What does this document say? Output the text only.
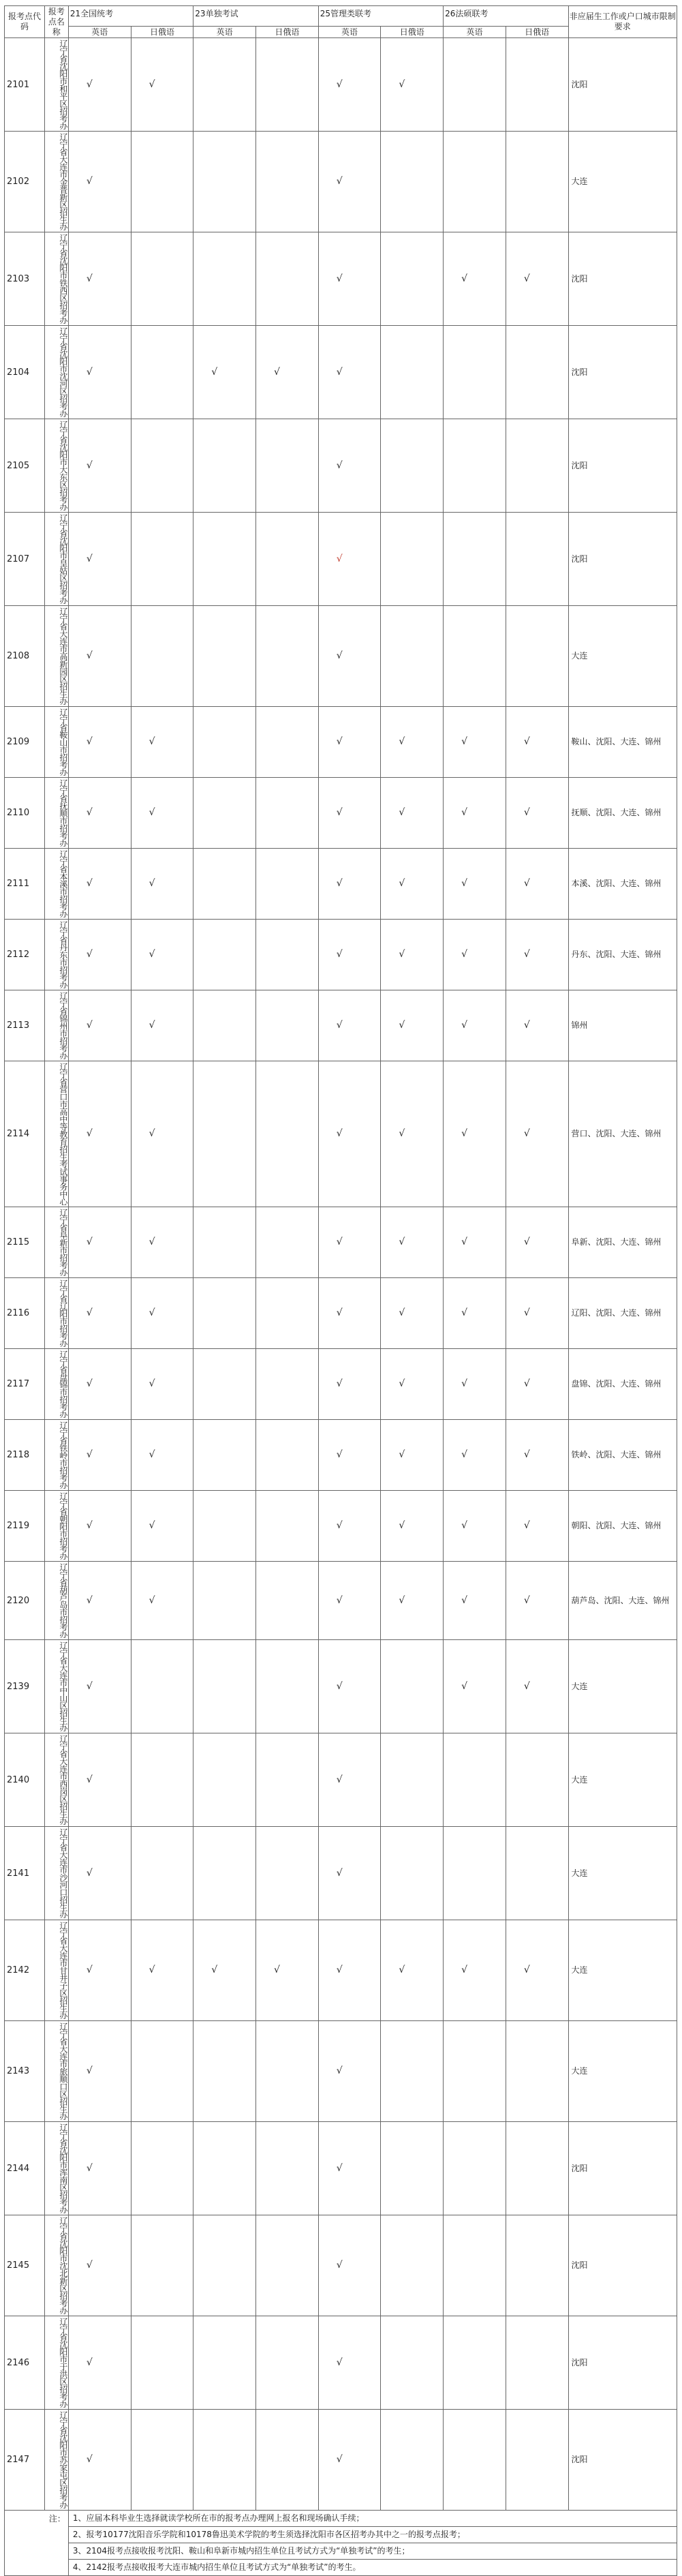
报考点代码	报考点名称	21全国统考		23单独考试		25管理类联考		26法硕联考		非应届生工作或户口城市限制要求
		英语	日俄语	英语	日俄语	英语	日俄语	英语	日俄语	
2101	辽宁省沈阳市和平区招考办	√	√			√	√			沈阳
2102	辽宁省大连市金普新区招生办	√				√				大连
2103	辽宁省沈阳市铁西区招考办	√				√		√	√	沈阳
2104	辽宁省沈阳市沈河区招考办	√		√	√	√				沈阳
2105	辽宁省沈阳市大东区招考办	√				√				沈阳
2107	辽宁省沈阳市皇姑区招考办	√				√				沈阳
2108	辽宁省大连市高新园区招生办	√				√				大连
2109	辽宁省鞍山市招考办	√	√			√	√	√	√	鞍山、沈阳、大连、锦州
2110	辽宁省抚顺市招考办	√	√			√	√	√	√	抚顺、沈阳、大连、锦州
2111	辽宁省本溪市招考办	√	√			√	√	√	√	本溪、沈阳、大连、锦州
2112	辽宁省丹东市招考办	√	√			√	√	√	√	丹东、沈阳、大连、锦州
2113	辽宁省锦州市招考办	√	√			√	√	√	√	锦州
2114	辽宁省营口市高中等教育招生考试事务中心	√	√			√	√	√	√	营口、沈阳、大连、锦州
2115	辽宁省阜新市招考办	√	√			√	√	√	√	阜新、沈阳、大连、锦州
2116	辽宁省辽阳市招考办	√	√			√	√	√	√	辽阳、沈阳、大连、锦州
2117	辽宁省盘锦市招考办	√	√			√	√	√	√	盘锦、沈阳、大连、锦州
2118	辽宁省铁岭市招考办	√	√			√	√	√	√	铁岭、沈阳、大连、锦州
2119	辽宁省朝阳市招考办	√	√			√	√	√	√	朝阳、沈阳、大连、锦州
2120	辽宁省葫芦岛市招考办	√	√			√	√	√	√	葫芦岛、沈阳、大连、锦州
2139	辽宁省大连市中山区招生办	√				√		√	√	大连
2140	辽宁省大连市西岗区招生办	√				√				大连
2141	辽宁省大连市沙河口招生办	√				√				大连
2142	辽宁省大连市甘井子区招生办	√	√	√	√	√	√	√	√	大连
2143	辽宁省大连市旅顺口区招生办	√				√				大连
2144	辽宁省沈阳市浑南区招考办	√				√				沈阳
2145	辽宁省沈阳市沈北新区招考办	√				√				沈阳
2146	辽宁省沈阳市于洪区招考办	√				√				沈阳
2147	辽宁省沈阳市苏家屯区招考办	√				√				沈阳
注：		1、应届本科毕业生选择就读学校所在市的报考点办理网上报名和现场确认手续；								
		2、报考10177沈阳音乐学院和10178鲁迅美术学院的考生须选择沈阳市各区招考办其中之一的报考点报考；								
		3、2104报考点接收报考沈阳、鞍山和阜新市城内招生单位且考试方式为“单独考试”的考生；								
		4、2142报考点接收报考大连市城内招生单位且考试方式为“单独考试”的考生。								
